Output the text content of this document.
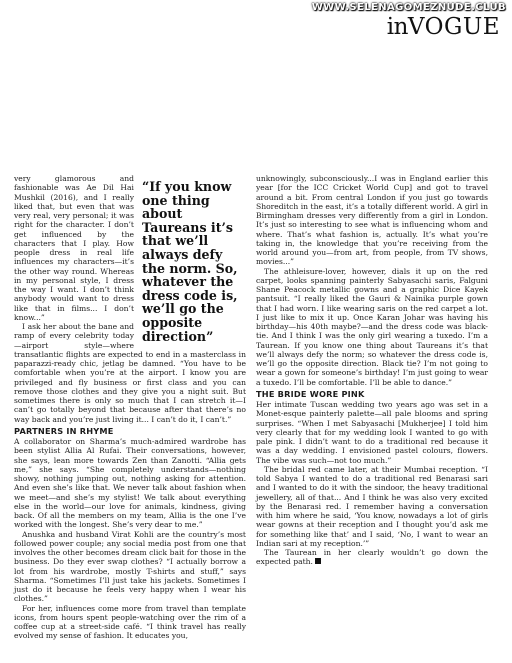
WWW.SELENAGOMEZNUDE.CLUB
inVOGUE
“If you know one thing about Taureans it’s that we’ll always defy the norm. So, whatever the dress code is, we’ll go the opposite direction”

very glamorous and fashionable was Ae Dil Hai Mushkil (2016), and I really liked that, but even that was very real, very personal; it was right for the character. I don’t get influenced by the characters that I play. How people dress in real life influences my characters—it’s the other way round. Whereas in my personal style, I dress the way I want. I don’t think anybody would want to dress like that in films... I don’t know...”

I ask her about the bane and ramp of every celebrity today—airport style—where transatlantic flights are expected to end in a masterclass in paparazzi-ready chic, jetlag be damned. “You have to be comfortable when you’re at the airport. I know you are privileged and fly business or first class and you can remove those clothes and they give you a night suit. But sometimes there is only so much that I can stretch it—I can’t go totally beyond that because after that there’s no way back and you’re just living it... I can’t do it, I can’t.”

PARTNERS IN RHYME

A collaborator on Sharma’s much-admired wardrobe has been stylist Allia Al Rufai. Their conversations, however, she says, lean more towards Zen than Zanotti. “Allia gets me,” she says. “She completely understands—nothing showy, nothing jumping out, nothing asking for attention. And even she’s like that. We never talk about fashion when we meet—and she’s my stylist! We talk about everything else in the world—our love for animals, kindness, giving back. Of all the members on my team, Allia is the one I’ve worked with the longest. She’s very dear to me.”

Anushka and husband Virat Kohli are the country’s most followed power couple; any social media post from one that involves the other becomes dream click bait for those in the business. Do they ever swap clothes? “I actually borrow a lot from his wardrobe, mostly T-shirts and stuff,” says Sharma. “Sometimes I’ll just take his jackets. Sometimes I just do it because he feels very happy when I wear his clothes.”

For her, influences come more from travel than template icons, from hours spent people-watching over the rim of a coffee cup at a street-side café. “I think travel has really evolved my sense of fashion. It educates you,

unknowingly, subconsciously...I was in England earlier this year [for the ICC Cricket World Cup] and got to travel around a bit. From central London if you just go towards Shoreditch in the east, it’s a totally different world. A girl in Birmingham dresses very differently from a girl in London. It’s just so interesting to see what is influencing whom and where. That’s what fashion is, actually. It’s what you’re taking in, the knowledge that you’re receiving from the world around you—from art, from people, from TV shows, movies...”

The athleisure-lover, however, dials it up on the red carpet, looks spanning painterly Sabyasachi saris, Falguni Shane Peacock metallic gowns and a graphic Dice Kayek pantsuit. “I really liked the Gauri & Nainika purple gown that I had worn. I like wearing saris on the red carpet a lot. I just like to mix it up. Once Karan Johar was having his birthday—his 40th maybe?—and the dress code was black-tie. And I think I was the only girl wearing a tuxedo. I’m a Taurean. If you know one thing about Taureans it’s that we’ll always defy the norm; so whatever the dress code is, we’ll go the opposite direction. Black tie? I’m not going to wear a gown for someone’s birthday! I’m just going to wear a tuxedo. I’ll be comfortable. I’ll be able to dance.”

THE BRIDE WORE PINK

Her intimate Tuscan wedding two years ago was set in a Monet-esque painterly palette—all pale blooms and spring surprises. “When I met Sabyasachi [Mukherjee] I told him very clearly that for my wedding look I wanted to go with pale pink. I didn’t want to do a traditional red because it was a day wedding. I envisioned pastel colours, flowers. The vibe was such—not too much.”

The bridal red came later, at their Mumbai reception. “I told Sabya I wanted to do a traditional red Benarasi sari and I wanted to do it with the sindoor, the heavy traditional jewellery, all of that... And I think he was also very excited by the Benarasi red. I remember having a conversation with him where he said, ‘You know, nowadays a lot of girls wear gowns at their reception and I thought you’d ask me for something like that’ and I said, ‘No, I want to wear an Indian sari at my reception.’”

The Taurean in her clearly wouldn’t go down the expected path.
